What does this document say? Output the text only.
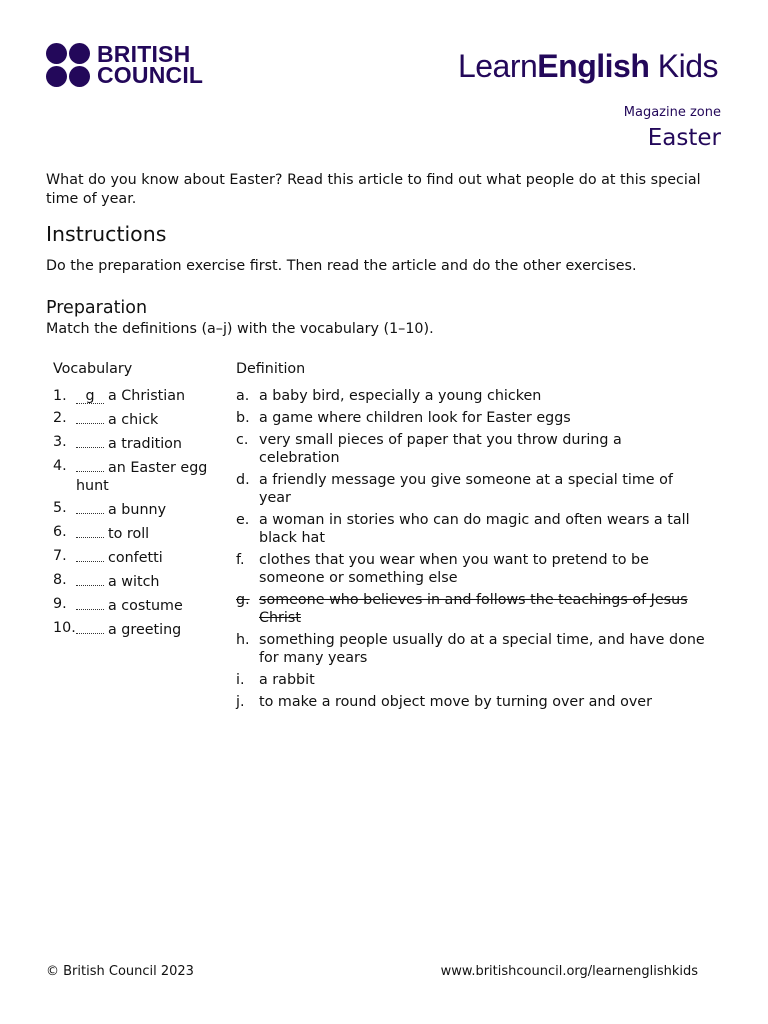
BRITISH
COUNCIL	LearnEnglish Kids
Magazine zone
Easter
What do you know about Easter? Read this article to find out what people do at this special time of year.
Instructions
Do the preparation exercise first. Then read the article and do the other exercises.
Preparation
Match the definitions (a–j) with the vocabulary (1–10).
Vocabulary	Definition
1.	g a Christian
2.	a chick
3.	a tradition
4.	an Easter egg hunt
5.	a bunny
6.	to roll
7.	confetti
8.	a witch
9.	a costume
10.	a greeting
a. a baby bird, especially a young chicken
b. a game where children look for Easter eggs
c. very small pieces of paper that you throw during a celebration
d. a friendly message you give someone at a special time of year
e. a woman in stories who can do magic and often wears a tall black hat
f.	clothes that you wear when you want to pretend to be someone or something else
g. someone who believes in and follows the teachings of Jesus Christ
h. something people usually do at a special time, and have done for many years
i.	a rabbit
j.	to make a round object move by turning over and over
© British Council 2023	www.britishcouncil.org/learnenglishkids
